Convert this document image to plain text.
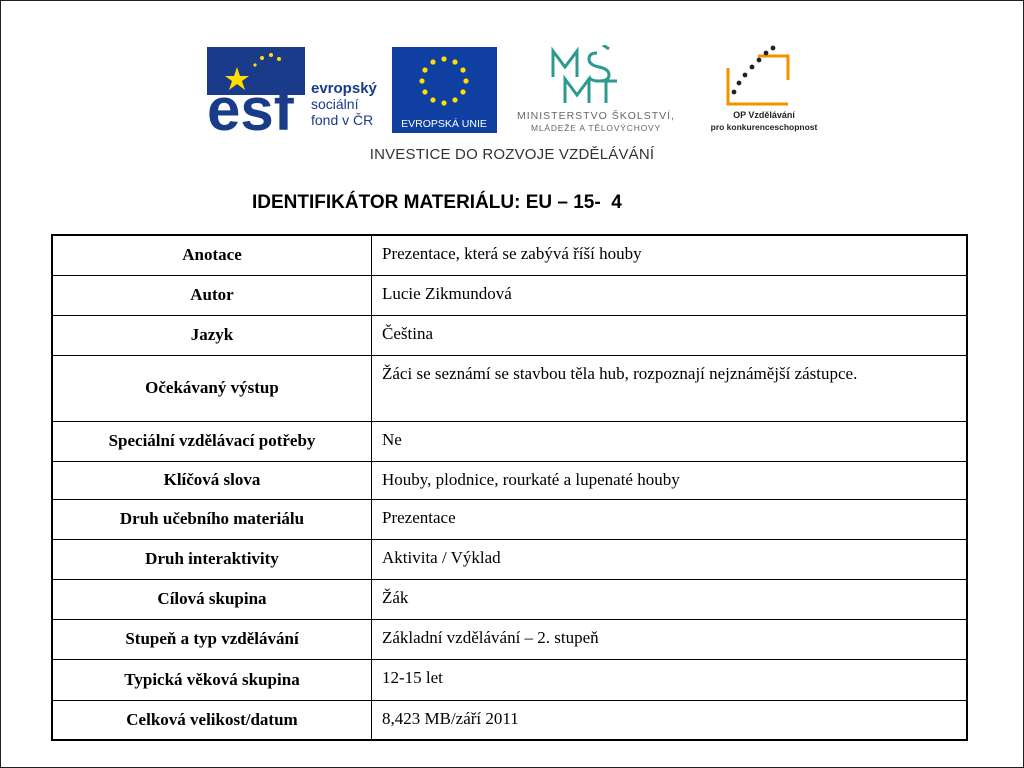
esf evropský
sociální
fond v ČR	EVROPSKÁ UNIE
MINISTERSTVO ŠKOLSTVÍ,
MLÁDEŽE A TĚLOVÝCHOVY
OP Vzdělávání
pro konkurenceschopnost
INVESTICE DO ROZVOJE VZDĚLÁVÁNÍ
IDENTIFIKÁTOR MATERIÁLU: EU – 15-  4
Anotace	Prezentace, která se zabývá říší houby
Autor	Lucie Zikmundová
Jazyk	Čeština
Očekávaný výstup	Žáci se seznámí se stavbou těla hub, rozpoznají nejznámější zástupce.
Speciální vzdělávací potřeby	Ne
Klíčová slova	Houby, plodnice, rourkaté a lupenaté houby
Druh učebního materiálu	Prezentace
Druh interaktivity	Aktivita / Výklad
Cílová skupina	Žák
Stupeň a typ vzdělávání	Základní vzdělávání – 2. stupeň
Typická věková skupina	12-15 let
Celková velikost/datum	8,423 MB/září 2011
